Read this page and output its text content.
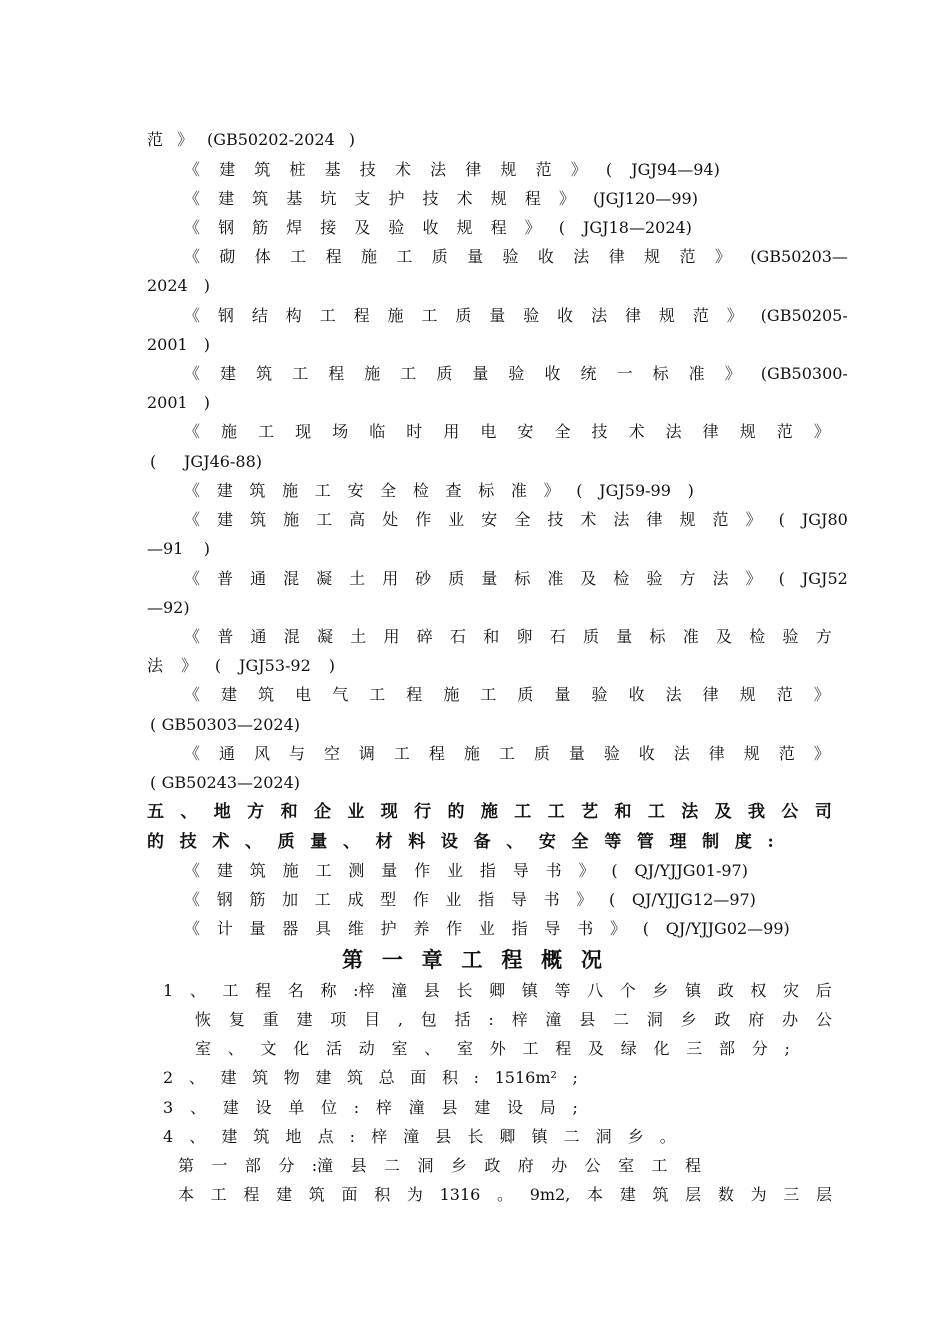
范 》 (GB50202-2024 )
《 建 筑 桩 基 技 术 法 律 规 范 》 ( JGJ94—94)
《 建 筑 基 坑 支 护 技 术 规 程 》 (JGJ120—99)
《 钢 筋 焊 接 及 验 收 规 程 》 ( JGJ18—2024)
《 砌 体 工 程 施 工 质 量 验 收 法 律 规 范 》 (GB50203—
2024 )
《 钢 结 构 工 程 施 工 质 量 验 收 法 律 规 范 》 (GB50205-
2001 )
《 建 筑 工 程 施 工 质 量 验 收 统 一 标 准 》 (GB50300-
2001 )
《 施 工 现 场 临 时 用 电 安 全 技 术 法 律 规 范 》
( JGJ46-88)
《 建 筑 施 工 安 全 检 查 标 准 》 ( JGJ59-99 )
《 建 筑 施 工 高 处 作 业 安 全 技 术 法 律 规 范 》 ( JGJ80
—91 )
《 普 通 混 凝 土 用 砂 质 量 标 准 及 检 验 方 法 》 ( JGJ52
—92)
《 普 通 混 凝 土 用 碎 石 和 卵 石 质 量 标 准 及 检 验 方
法 》 ( JGJ53-92 )
《 建 筑 电 气 工 程 施 工 质 量 验 收 法 律 规 范 》
( GB50303—2024)
《 通 风 与 空 调 工 程 施 工 质 量 验 收 法 律 规 范 》
( GB50243—2024)
五 、 地 方 和 企 业 现 行 的 施 工 工 艺 和 工 法 及 我 公 司
的 技 术 、 质 量 、 材 料 设 备 、 安 全 等 管 理 制 度 :
《 建 筑 施 工 测 量 作 业 指 导 书 》 ( QJ/YJJG01-97)
《 钢 筋 加 工 成 型 作 业 指 导 书 》 ( QJ/YJJG12—97)
《 计 量 器 具 维 护 养 作 业 指 导 书 》 ( QJ/YJJG02—99)
第 一 章 工 程 概 况
1 、 工 程 名 称 :梓 潼 县 长 卿 镇 等 八 个 乡 镇 政 权 灾 后
恢 复 重 建 项 目 , 包 括 : 梓 潼 县 二 洞 乡 政 府 办 公
室 、 文 化 活 动 室 、 室 外 工 程 及 绿 化 三 部 分 ;
2 、 建 筑 物 建 筑 总 面 积 : 1516m² ;
3 、 建 设 单 位 : 梓 潼 县 建 设 局 ;
4 、 建 筑 地 点 : 梓 潼 县 长 卿 镇 二 洞 乡 。
第 一 部 分 :潼 县 二 洞 乡 政 府 办 公 室 工 程
本 工 程 建 筑 面 积 为 1316 。 9m2, 本 建 筑 层 数 为 三 层
